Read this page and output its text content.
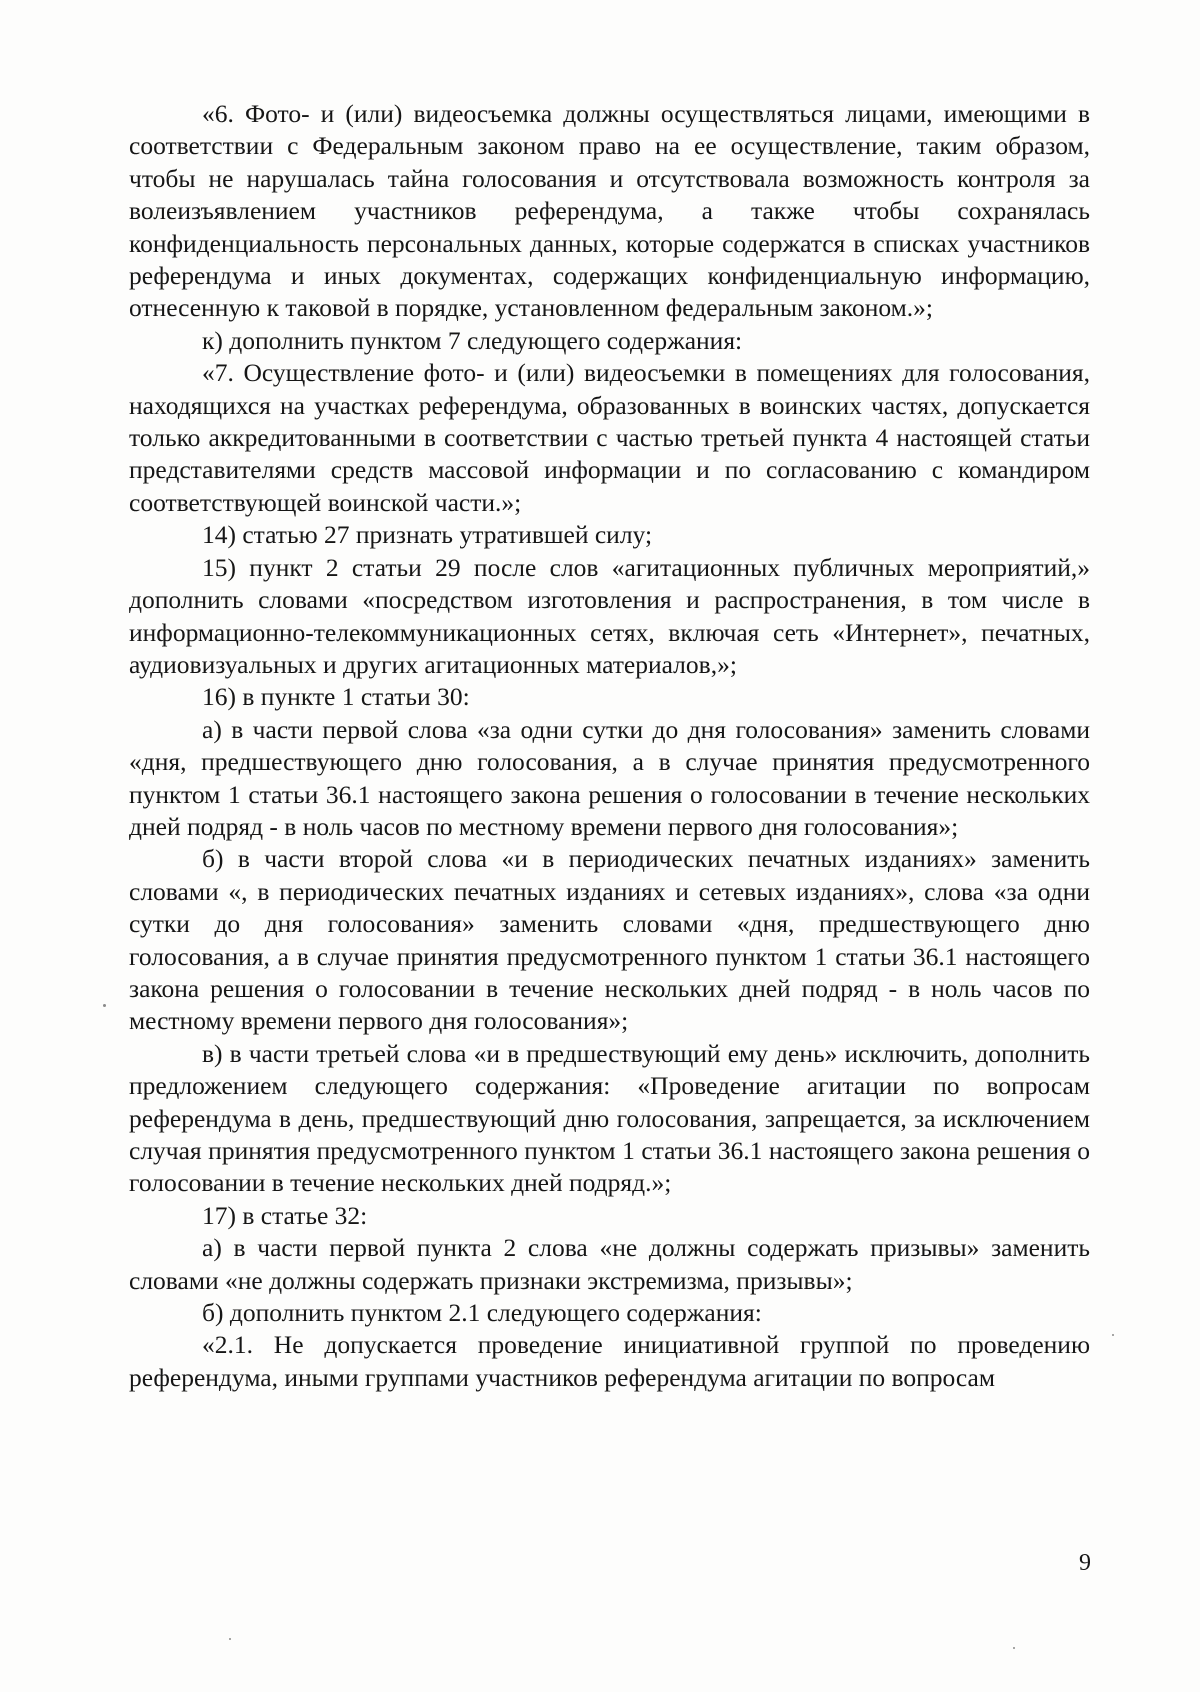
«6. Фото- и (или) видеосъемка должны осуществляться лицами, имеющими в соответствии с Федеральным законом право на ее осуществление, таким образом, чтобы не нарушалась тайна голосования и отсутствовала возможность контроля за волеизъявлением участников референдума, а также чтобы сохранялась конфиденциальность персональных данных, которые содержатся в списках участников референдума и иных документах, содержащих конфиденциальную информацию, отнесенную к таковой в порядке, установленном федеральным законом.»;

к) дополнить пунктом 7 следующего содержания:

«7. Осуществление фото- и (или) видеосъемки в помещениях для голосования, находящихся на участках референдума, образованных в воинских частях, допускается только аккредитованными в соответствии с частью третьей пункта 4 настоящей статьи представителями средств массовой информации и по согласованию с командиром соответствующей воинской части.»;

14) статью 27 признать утратившей силу;

15) пункт 2 статьи 29 после слов «агитационных публичных мероприятий,» дополнить словами «посредством изготовления и распространения, в том числе в информационно-телекоммуникационных сетях, включая сеть «Интернет», печатных, аудиовизуальных и других агитационных материалов,»;

16) в пункте 1 статьи 30:

а) в части первой слова «за одни сутки до дня голосования» заменить словами «дня, предшествующего дню голосования, а в случае принятия предусмотренного пунктом 1 статьи 36.1 настоящего закона решения о голосовании в течение нескольких дней подряд - в ноль часов по местному времени первого дня голосования»;

б) в части второй слова «и в периодических печатных изданиях» заменить словами «, в периодических печатных изданиях и сетевых изданиях», слова «за одни сутки до дня голосования» заменить словами «дня, предшествующего дню голосования, а в случае принятия предусмотренного пунктом 1 статьи 36.1 настоящего закона решения о голосовании в течение нескольких дней подряд - в ноль часов по местному времени первого дня голосования»;

в) в части третьей слова «и в предшествующий ему день» исключить, дополнить предложением следующего содержания: «Проведение агитации по вопросам референдума в день, предшествующий дню голосования, запрещается, за исключением случая принятия предусмотренного пунктом 1 статьи 36.1 настоящего закона решения о голосовании в течение нескольких дней подряд.»;

17) в статье 32:

а) в части первой пункта 2 слова «не должны содержать призывы» заменить словами «не должны содержать признаки экстремизма, призывы»;

б) дополнить пунктом 2.1 следующего содержания:

«2.1. Не допускается проведение инициативной группой по проведению референдума, иными группами участников референдума агитации по вопросам

9
